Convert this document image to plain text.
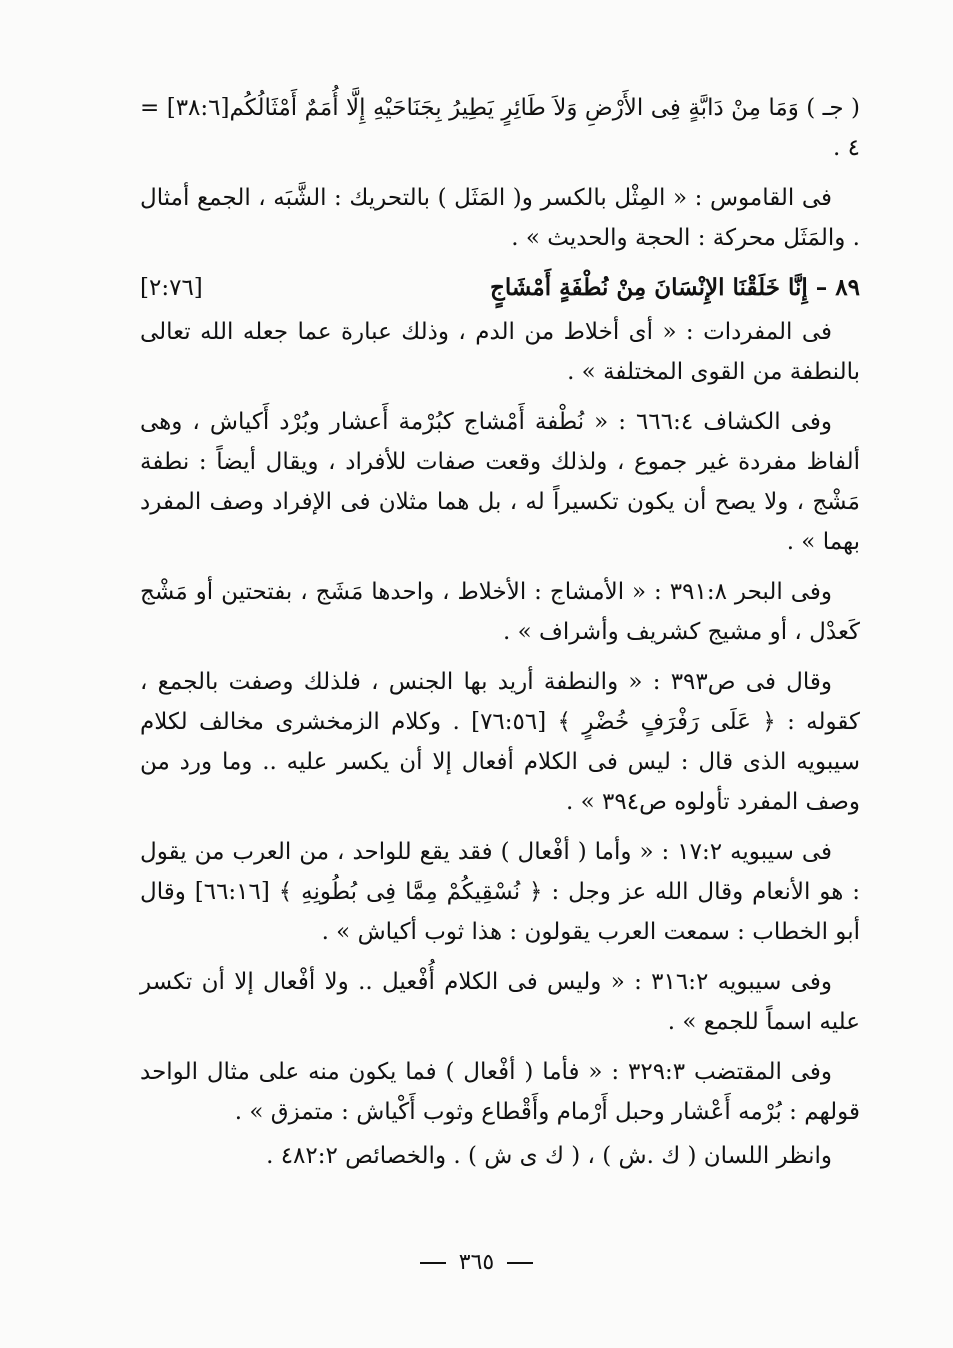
( جـ ) وَمَا مِنْ دَابَّةٍ فِى الأَرْضِ وَلاَ طَائِرٍ يَطِيرُ بِجَنَاحَيْهِ إِلَّا أُمَمٌ أَمْثَالُكُم[٣٨:٦] = ٤ .

فى القاموس : « المِثْل بالكسر و( المَثَل ) بالتحريك : الشَّبَه ، الجمع أمثال . والمَثَل محركة : الحجة والحديث » .

٨٩ – إِنَّا خَلَقْنَا الإِنْسَانَ مِنْ نُطْفَةٍ أَمْشَاجٍ
[٢:٧٦]

فى المفردات : « أى أخلاط من الدم ، وذلك عبارة عما جعله الله تعالى بالنطفة من القوى المختلفة » .

وفى الكشاف ٦٦٦:٤ : « نُطْفة أَمْشاج كبُرْمة أَعشار وبُرْد أَكياش ، وهى ألفاظ مفردة غير جموع ، ولذلك وقعت صفات للأفراد ، ويقال أيضاً : نطفة مَشْج ، ولا يصح أن يكون تكسيراً له ، بل هما مثلان فى الإفراد وصف المفرد بهما » .

وفى البحر ٣٩١:٨ : « الأمشاج : الأخلاط ، واحدها مَشَج ، بفتحتين أو مَشْج كَعدْل ، أو مشيج كشريف وأشراف » .

وقال فى ص٣٩٣ : « والنطفة أريد بها الجنس ، فلذلك وصفت بالجمع ، كقوله : ﴿ عَلَى رَفْرَفٍ خُضْرٍ ﴾ [٧٦:٥٦] . وكلام الزمخشرى مخالف لكلام سيبويه الذى قال : ليس فى الكلام أفعال إلا أن يكسر عليه .. وما ورد من وصف المفرد تأولوه ص٣٩٤ » .

فى سيبويه ١٧:٢ : « وأما ( أفْعال ) فقد يقع للواحد ، من العرب من يقول : هو الأنعام وقال الله عز وجل : ﴿ نُسْقِيكُمْ مِمَّا فِى بُطُونِهِ ﴾ [٦٦:١٦] وقال أبو الخطاب : سمعت العرب يقولون : هذا ثوب أكياش » .

وفى سيبويه ٣١٦:٢ : « وليس فى الكلام أُفْعيل .. ولا أفْعال إلا أن تكسر عليه اسماً للجمع » .

وفى المقتضب ٣٢٩:٣ : « فأما ( أفْعال ) فما يكون منه على مثال الواحد قولهم : بُرْمه أَعْشار وحبل أَرْمام وأَقْطاع وثوب أَكْياش : متمزق » .

وانظر اللسان ( ك .ش ) ، ( ك ى ش ) . والخصائص ٤٨٢:٢ .

٣٦٥
